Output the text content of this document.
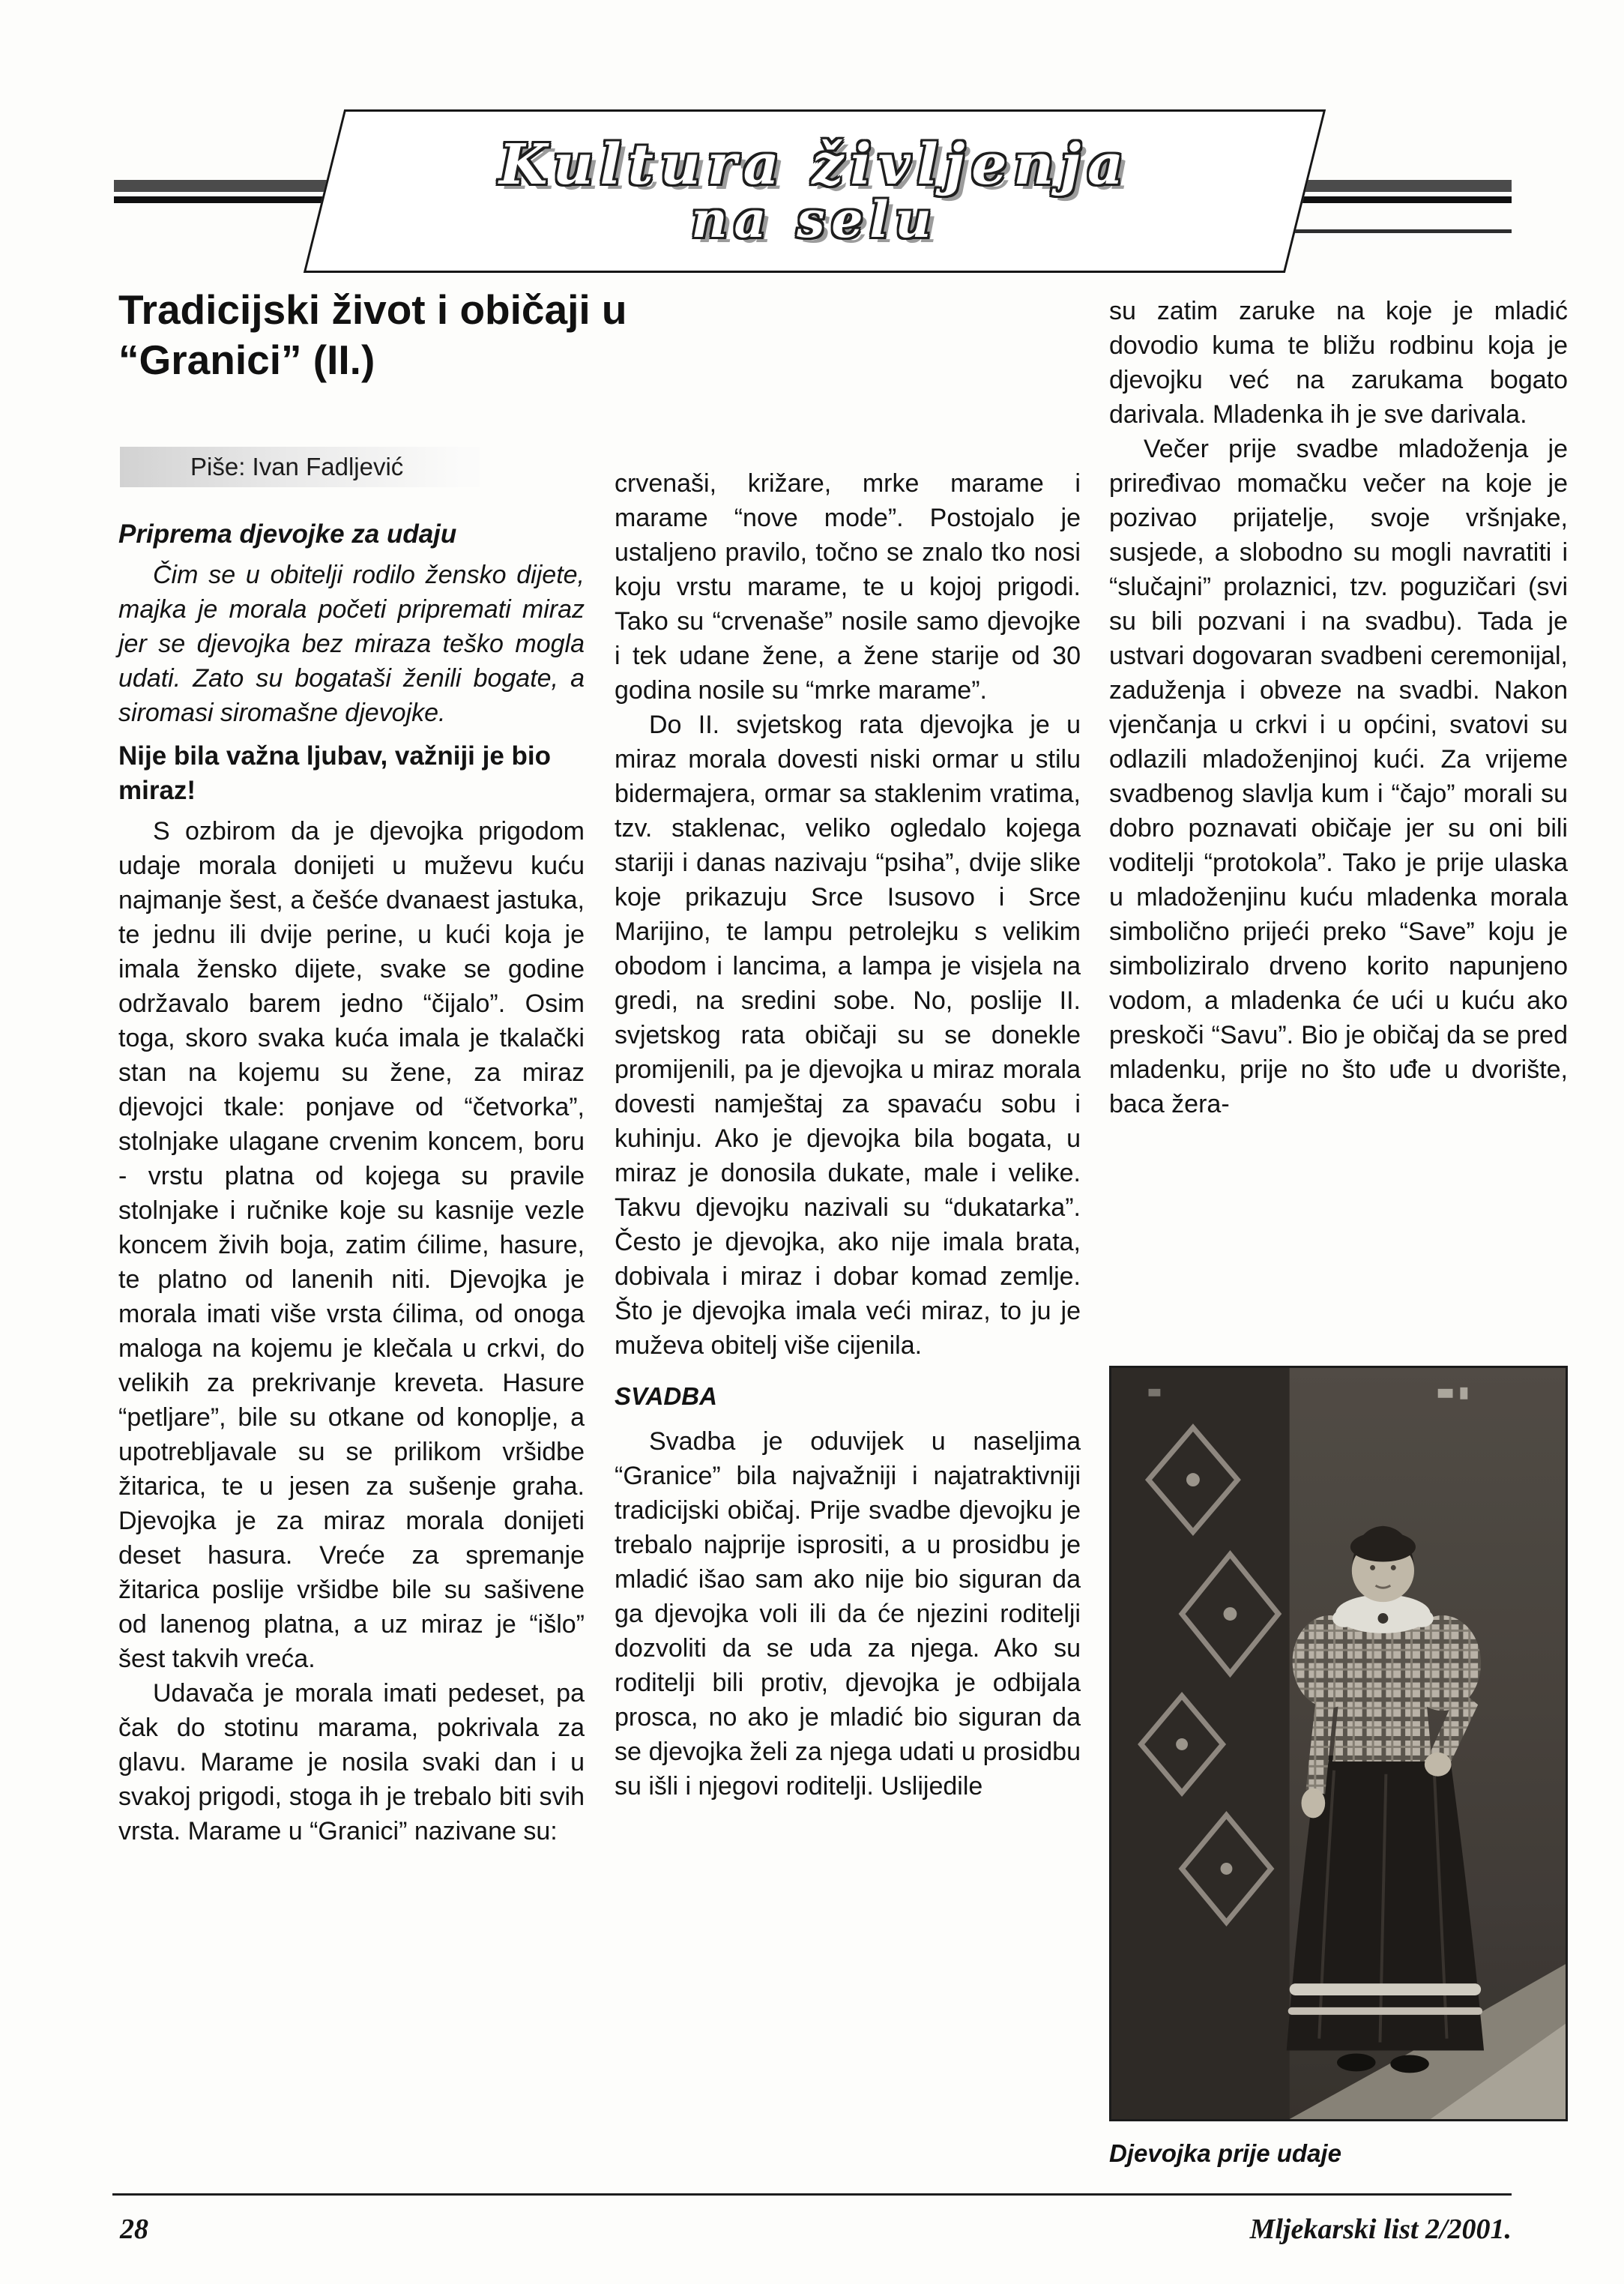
Kultura življenja
na selu
Tradicijski život i običaji u
“Granici” (II.)
Piše: Ivan Fadljević
Priprema djevojke za udaju

Čim se u obitelji rodilo žensko dijete, majka je morala početi pripremati miraz jer se djevojka bez miraza teško mogla udati. Zato su bogataši ženili bogate, a siromasi siromašne djevojke.

Nije bila važna ljubav, važniji je bio miraz!

S ozbirom da je djevojka prigodom udaje morala donijeti u muževu kuću najmanje šest, a češće dvanaest jastuka, te jednu ili dvije perine, u kući koja je imala žensko dijete, svake se godine održavalo barem jedno “čijalo”. Osim toga, skoro svaka kuća imala je tkalački stan na kojemu su žene, za miraz djevojci tkale: ponjave od “četvorka”, stolnjake ulagane crvenim koncem, boru - vrstu platna od kojega su pravile stolnjake i ručnike koje su kasnije vezle koncem živih boja, zatim ćilime, hasure, te platno od lanenih niti. Djevojka je morala imati više vrsta ćilima, od onoga maloga na kojemu je klečala u crkvi, do velikih za prekrivanje kreveta. Hasure “petljare”, bile su otkane od konoplje, a upotrebljavale su se prilikom vršidbe žitarica, te u jesen za sušenje graha. Djevojka je za miraz morala donijeti deset hasura. Vreće za spremanje žitarica poslije vršidbe bile su sašivene od lanenog platna, a uz miraz je “išlo” šest takvih vreća.

Udavača je morala imati pedeset, pa čak do stotinu marama, pokrivala za glavu. Marame je nosila svaki dan i u svakoj prigodi, stoga ih je trebalo biti svih vrsta. Marame u “Granici” nazivane su:

crvenaši, križare, mrke marame i marame “nove mode”. Postojalo je ustaljeno pravilo, točno se znalo tko nosi koju vrstu marame, te u kojoj prigodi. Tako su “crvenaše” nosile samo djevojke i tek udane žene, a žene starije od 30 godina nosile su “mrke marame”.

Do II. svjetskog rata djevojka je u miraz morala dovesti niski ormar u stilu bidermajera, ormar sa staklenim vratima, tzv. staklenac, veliko ogledalo kojega stariji i danas nazivaju “psiha”, dvije slike koje prikazuju Srce Isusovo i Srce Marijino, te lampu petrolejku s velikim obodom i lancima, a lampa je visjela na gredi, na sredini sobe. No, poslije II. svjetskog rata običaji su se donekle promijenili, pa je djevojka u miraz morala dovesti namještaj za spavaću sobu i kuhinju. Ako je djevojka bila bogata, u miraz je donosila dukate, male i velike. Takvu djevojku nazivali su “dukatarka”. Često je djevojka, ako nije imala brata, dobivala i miraz i dobar komad zemlje. Što je djevojka imala veći miraz, to ju je muževa obitelj više cijenila.

SVADBA

Svadba je oduvijek u naseljima “Granice” bila najvažniji i najatraktivniji tradicijski običaj. Prije svadbe djevojku je trebalo najprije isprositi, a u prosidbu je mladić išao sam ako nije bio siguran da ga djevojka voli ili da će njezini roditelji dozvoliti da se uda za njega. Ako su roditelji bili protiv, djevojka je odbijala prosca, no ako je mladić bio siguran da se djevojka želi za njega udati u prosidbu su išli i njegovi roditelji. Uslijedile

su zatim zaruke na koje je mladić dovodio kuma te bližu rodbinu koja je djevojku već na zarukama bogato darivala. Mladenka ih je sve darivala.

Večer prije svadbe mladoženja je priređivao momačku večer na koje je pozivao prijatelje, svoje vršnjake, susjede, a slobodno su mogli navratiti i “slučajni” prolaznici, tzv. poguzičari (svi su bili pozvani i na svadbu). Tada je ustvari dogovaran svadbeni ceremonijal, zaduženja i obveze na svadbi. Nakon vjenčanja u crkvi i u općini, svatovi su odlazili mladoženjinoj kući. Za vrijeme svadbenog slavlja kum i “čajo” morali su dobro poznavati običaje jer su oni bili voditelji “protokola”. Tako je prije ulaska u mladoženjinu kuću mladenka morala simbolično prijeći preko “Save” koju je simboliziralo drveno korito napunjeno vodom, a mladenka će ući u kuću ako preskoči “Savu”. Bio je običaj da se pred mladenku, prije no što uđe u dvorište, baca žera-

Djevojka prije udaje
28	Mljekarski list 2/2001.
